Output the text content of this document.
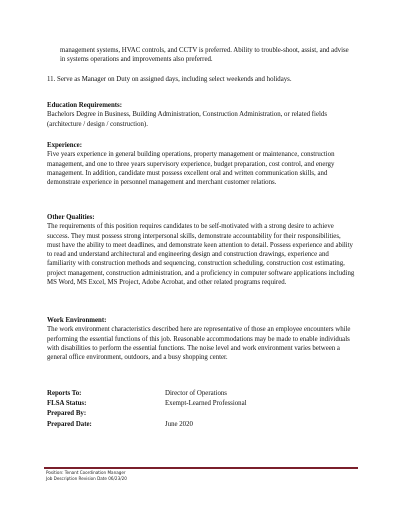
management systems, HVAC controls, and CCTV is preferred. Ability to trouble-shoot, assist, and advise in systems operations and improvements also preferred.

11. Serve as Manager on Duty on assigned days, including select weekends and holidays.

Education Requirements:

Bachelors Degree in Business, Building Administration, Construction Administration, or related fields (architecture / design / construction).

Experience:

Five years experience in general building operations, property management or maintenance, construction management, and one to three years supervisory experience, budget preparation, cost control, and energy management. In addition, candidate must possess excellent oral and written communication skills, and demonstrate experience in personnel management and merchant customer relations.

Other Qualities:

The requirements of this position requires candidates to be self-motivated with a strong desire to achieve success. They must possess strong interpersonal skills, demonstrate accountability for their responsibilities, must have the ability to meet deadlines, and demonstrate keen attention to detail. Possess experience and ability to read and understand architectural and engineering design and construction drawings, experience and familiarity with construction methods and sequencing, construction scheduling, construction cost estimating, project management, construction administration, and a proficiency in computer software applications including MS Word, MS Excel, MS Project, Adobe Acrobat, and other related programs required.

Work Environment:

The work environment characteristics described here are representative of those an employee encounters while performing the essential functions of this job. Reasonable accommodations may be made to enable individuals with disabilities to perform the essential functions. The noise level and work environment varies between a general office environment, outdoors, and a busy shopping center.

Reports To:	Director of Operations
FLSA Status:	Exempt-Learned Professional
Prepared By:
Prepared Date:	June 2020
Position: Tenant Coordination Manager
Job Description Revision Date 06/23/20
